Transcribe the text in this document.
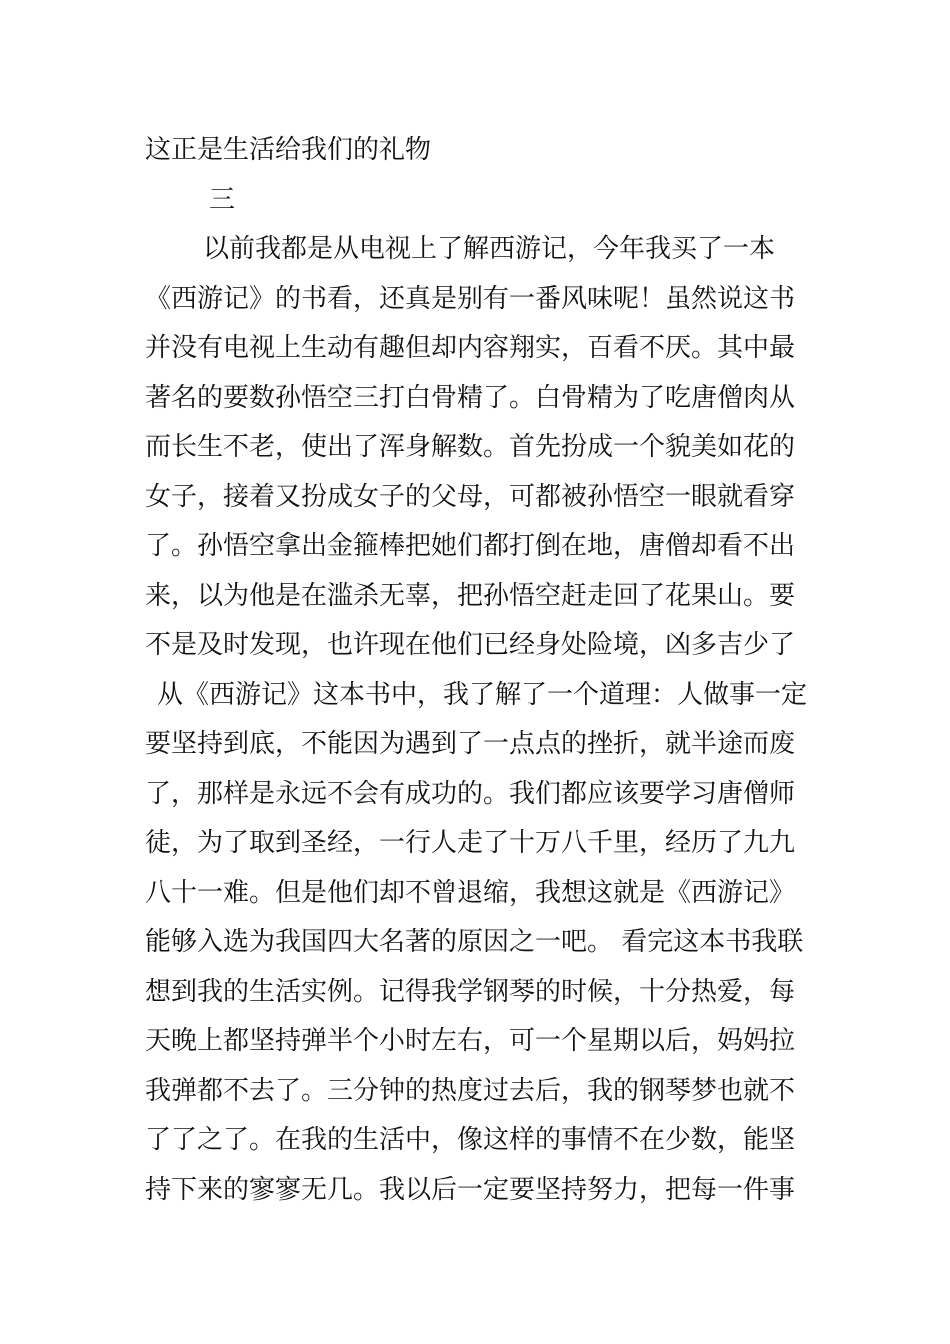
这正是生活给我们的礼物
三
以前我都是从电视上了解西游记，今年我买了一本
《西游记》的书看，还真是别有一番风味呢！虽然说这书
并没有电视上生动有趣但却内容翔实，百看不厌。其中最
著名的要数孙悟空三打白骨精了。白骨精为了吃唐僧肉从
而长生不老，使出了浑身解数。首先扮成一个貌美如花的
女子，接着又扮成女子的父母，可都被孙悟空一眼就看穿
了。孙悟空拿出金箍棒把她们都打倒在地，唐僧却看不出
来，以为他是在滥杀无辜，把孙悟空赶走回了花果山。要
不是及时发现，也许现在他们已经身处险境，凶多吉少了
从《西游记》这本书中，我了解了一个道理：人做事一定
要坚持到底，不能因为遇到了一点点的挫折，就半途而废
了，那样是永远不会有成功的。我们都应该要学习唐僧师
徒，为了取到圣经，一行人走了十万八千里，经历了九九
八十一难。但是他们却不曾退缩，我想这就是《西游记》
能够入选为我国四大名著的原因之一吧。 看完这本书我联
想到我的生活实例。记得我学钢琴的时候，十分热爱，每
天晚上都坚持弹半个小时左右，可一个星期以后，妈妈拉
我弹都不去了。三分钟的热度过去后，我的钢琴梦也就不
了了之了。在我的生活中，像这样的事情不在少数，能坚
持下来的寥寥无几。我以后一定要坚持努力，把每一件事
